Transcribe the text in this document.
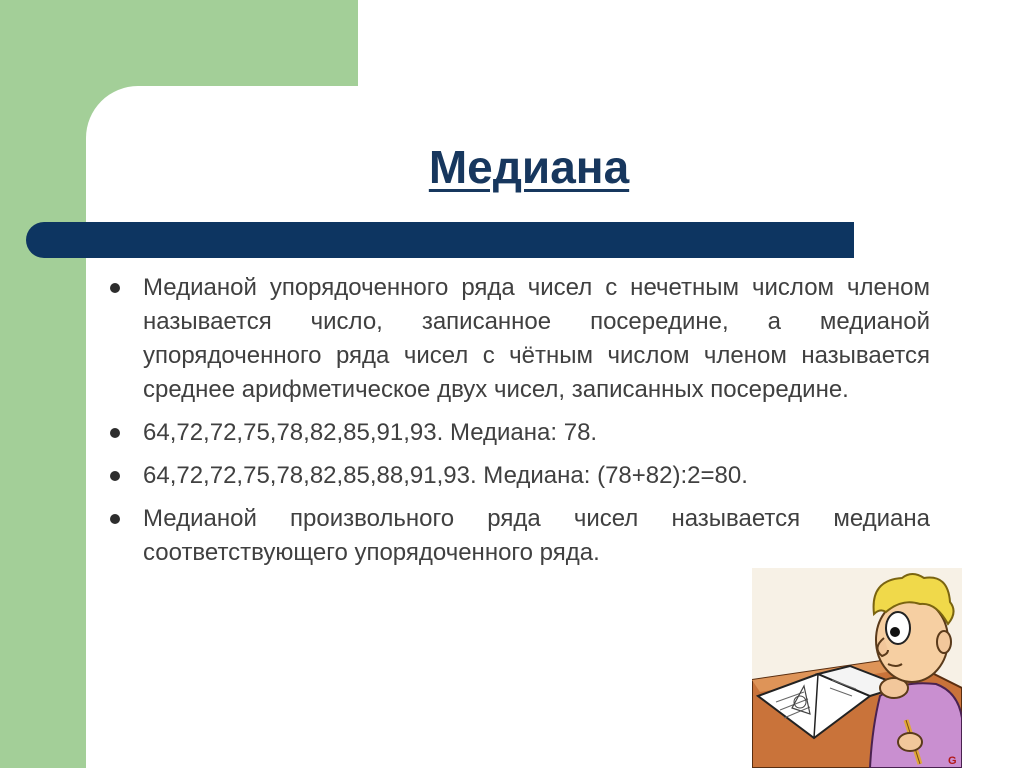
Медиана
Медианой упорядоченного ряда чисел с нечетным числом членом называется число, записанное посередине, а медианой упорядоченного ряда чисел с чётным числом членом называется среднее арифметическое двух чисел, записанных посередине.
64,72,72,75,78,82,85,91,93. Медиана: 78.
64,72,72,75,78,82,85,88,91,93. Медиана: (78+82):2=80.
Медианой произвольного ряда чисел называется медиана соответствующего упорядоченного ряда.
G
